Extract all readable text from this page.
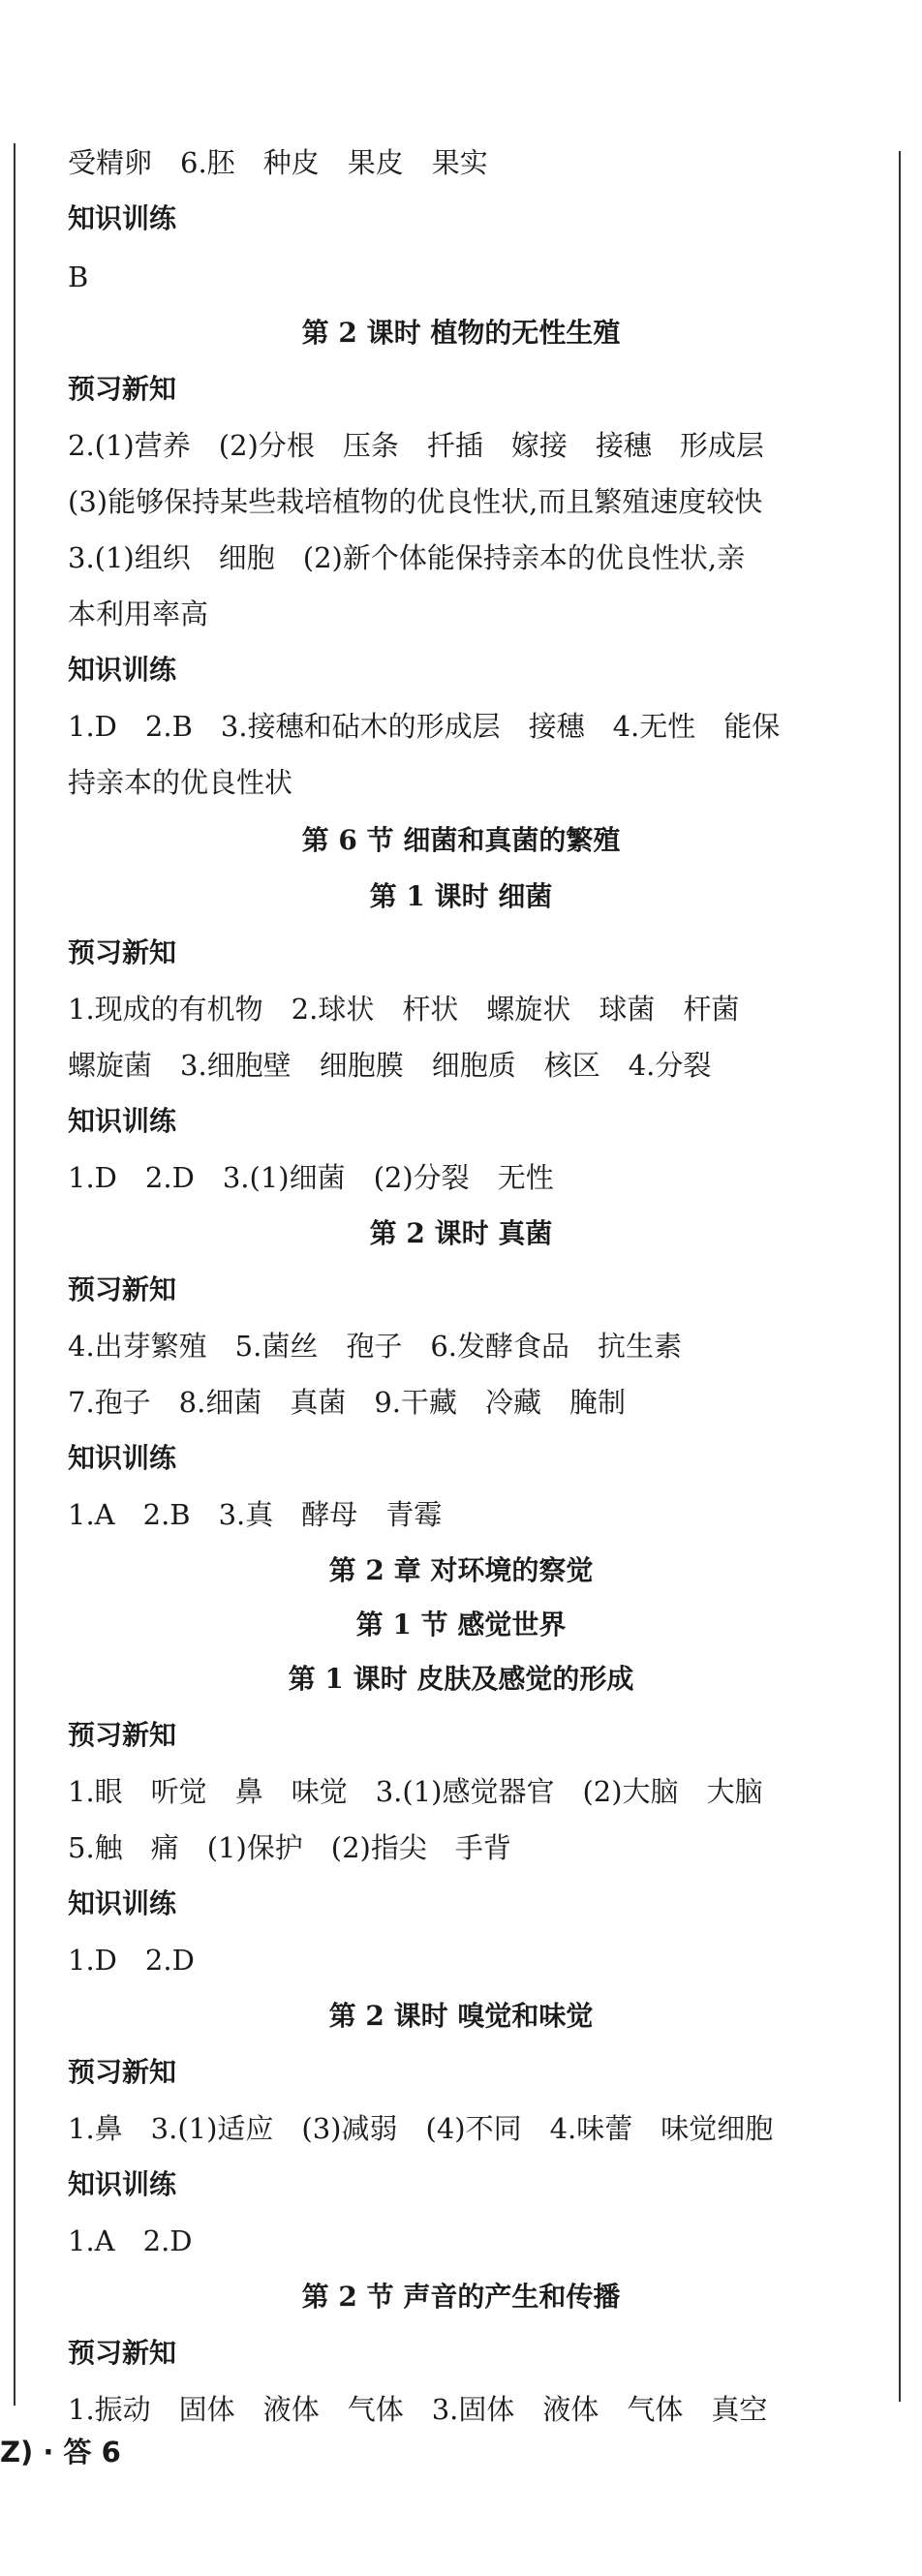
受精卵  6.胚  种皮  果皮  果实
知识训练
B
第 2 课时 植物的无性生殖
预习新知
2.(1)营养  (2)分根  压条  扦插  嫁接  接穗  形成层
(3)能够保持某些栽培植物的优良性状,而且繁殖速度较快
3.(1)组织  细胞  (2)新个体能保持亲本的优良性状,亲
本利用率高
知识训练
1.D  2.B  3.接穗和砧木的形成层  接穗  4.无性  能保
持亲本的优良性状
第 6 节 细菌和真菌的繁殖
第 1 课时 细菌
预习新知
1.现成的有机物  2.球状  杆状  螺旋状  球菌  杆菌
螺旋菌  3.细胞壁  细胞膜  细胞质  核区  4.分裂
知识训练
1.D  2.D  3.(1)细菌  (2)分裂  无性
第 2 课时 真菌
预习新知
4.出芽繁殖  5.菌丝  孢子  6.发酵食品  抗生素
7.孢子  8.细菌  真菌  9.干藏  冷藏  腌制
知识训练
1.A  2.B  3.真  酵母  青霉
第 2 章 对环境的察觉
第 1 节 感觉世界
第 1 课时 皮肤及感觉的形成
预习新知
1.眼  听觉  鼻  味觉  3.(1)感觉器官  (2)大脑  大脑
5.触  痛  (1)保护  (2)指尖  手背
知识训练
1.D  2.D
第 2 课时 嗅觉和味觉
预习新知
1.鼻  3.(1)适应  (3)减弱  (4)不同  4.味蕾  味觉细胞
知识训练
1.A  2.D
第 2 节 声音的产生和传播
预习新知
1.振动  固体  液体  气体  3.固体  液体  气体  真空
Z) · 答 6
